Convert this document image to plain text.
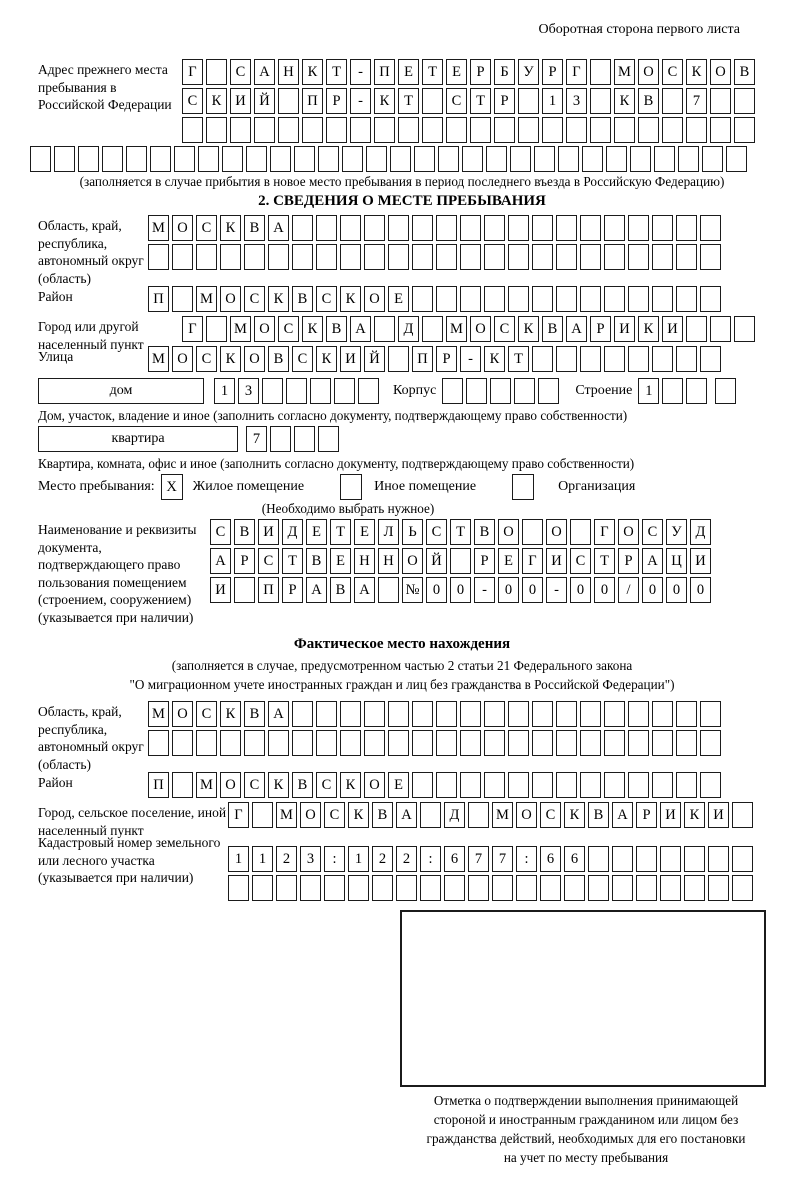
Оборотная сторона первого листа
Адрес прежнего места пребывания в Российской Федерации
Г	С А Н К	Т	-	П Е	Т	Е	Р	Б	У	Р	Г	М О С К О В
С К И Й	П	Р	-	К	Т	С	Т	Р	1	3	К В	7
(заполняется в случае прибытия в новое место пребывания в период последнего въезда в Российскую Федерацию)
2. СВЕДЕНИЯ О МЕСТЕ ПРЕБЫВАНИЯ
Область, край, республика, автономный округ (область)
М О С К В А
Район	П	М О С К В С К О Е
Город или другой населенный пункт
Г	М О С К В А	Д	М О С К В А	Р	И К И
Улица	М О С К О В С К И Й	П	Р	-	К	Т
дом	1	3	Корпус	Строение 1
Дом, участок, владение и иное (заполнить согласно документу, подтверждающему право собственности)
квартира	7
Квартира, комната, офис и иное (заполнить согласно документу, подтверждающему право собственности)
Место пребывания: X	Жилое помещение	Иное помещение	Организация
(Необходимо выбрать нужное)
Наименование и реквизиты документа, подтверждающего право пользования помещением (строением, сооружением) (указывается при наличии)
С В И Д	Е	Т	Е	Л	Ь	С	Т	В О	О	Г	О С У Д
А	Р	С	Т	В	Е Н Н О Й	Р	Е	Г	И С	Т	Р	А Ц И
И	П	Р	А В А	№ 0	0	-	0	0	-	0	0	/	0	0	0
Фактическое место нахождения
(заполняется в случае, предусмотренном частью 2 статьи 21 Федерального закона
"О миграционном учете иностранных граждан и лиц без гражданства в Российской Федерации")
Область, край, республика, автономный округ (область)
М О С К В А
Район	П	М О С К В С К О Е
Город, сельское поселение, иной населенный пункт
Г	М О С К В А	Д	М О С К В А	Р	И К И
Кадастровый номер земельного или лесного участка (указывается при наличии)
1	1	2	3	:	1	2	2	:	6	7	7	:	6	6
Отметка о подтверждении выполнения принимающей
стороной и иностранным гражданином или лицом без
гражданства действий, необходимых для его постановки
на учет по месту пребывания
